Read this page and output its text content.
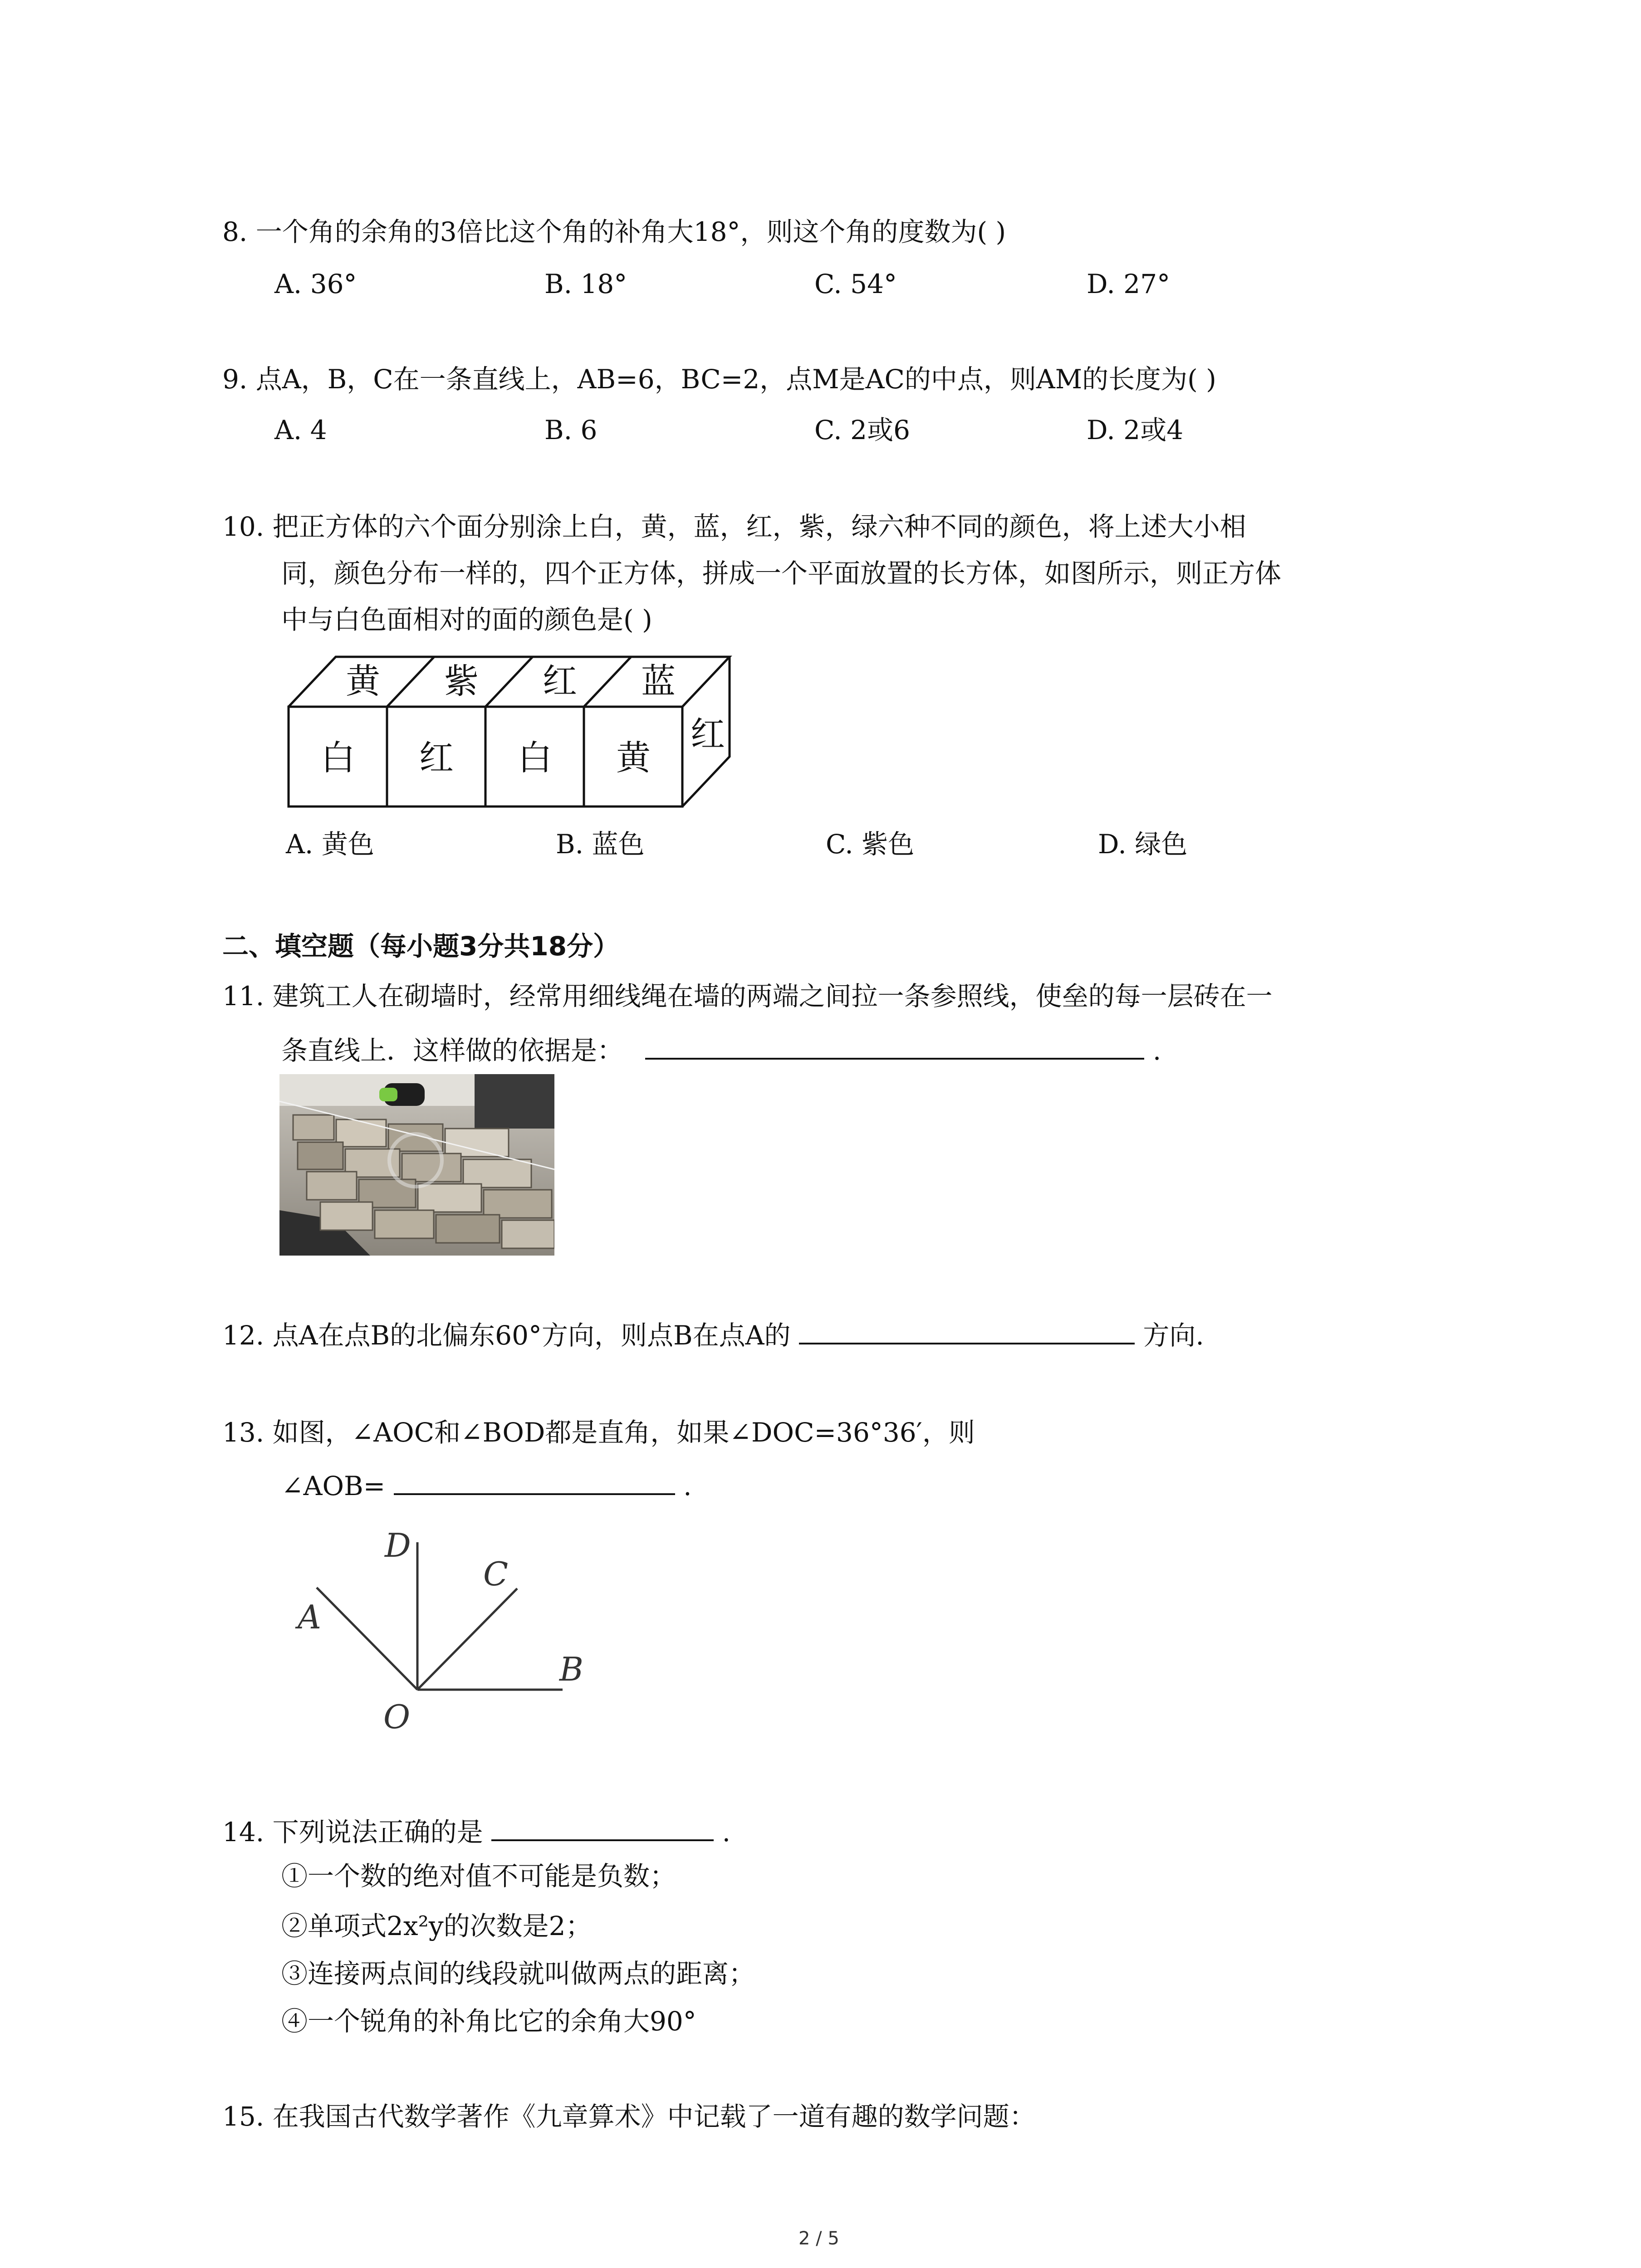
8. 一个角的余角的3倍比这个角的补角大18°，则这个角的度数为( )
A. 36°	B. 18°	C. 54°	D. 27°
9. 点A，B，C在一条直线上，AB=6，BC=2，点M是AC的中点，则AM的长度为( )
A. 4	B. 6	C. 2或6	D. 2或4
10. 把正方体的六个面分别涂上白，黄，蓝，红，紫，绿六种不同的颜色，将上述大小相
同，颜色分布一样的，四个正方体，拼成一个平面放置的长方体，如图所示，则正方体
中与白色面相对的面的颜色是( )
黄 紫 红 蓝
白 红 白 黄
红
A. 黄色	B. 蓝色	C. 紫色	D. 绿色
二、填空题（每小题3分共18分）
11. 建筑工人在砌墙时，经常用细线绳在墙的两端之间拉一条参照线，使垒的每一层砖在一
条直线上．这样做的依据是：	.
12. 点A在点B的北偏东60°方向，则点B在点A的	方向.
13. 如图，∠AOC和∠BOD都是直角，如果∠DOC=36°36′，则
∠AOB=	.
D
C
A
B
O
14. 下列说法正确的是	.
①一个数的绝对值不可能是负数；
②单项式2x²y的次数是2；
③连接两点间的线段就叫做两点的距离；
④一个锐角的补角比它的余角大90°
15. 在我国古代数学著作《九章算术》中记载了一道有趣的数学问题：
2 / 5
